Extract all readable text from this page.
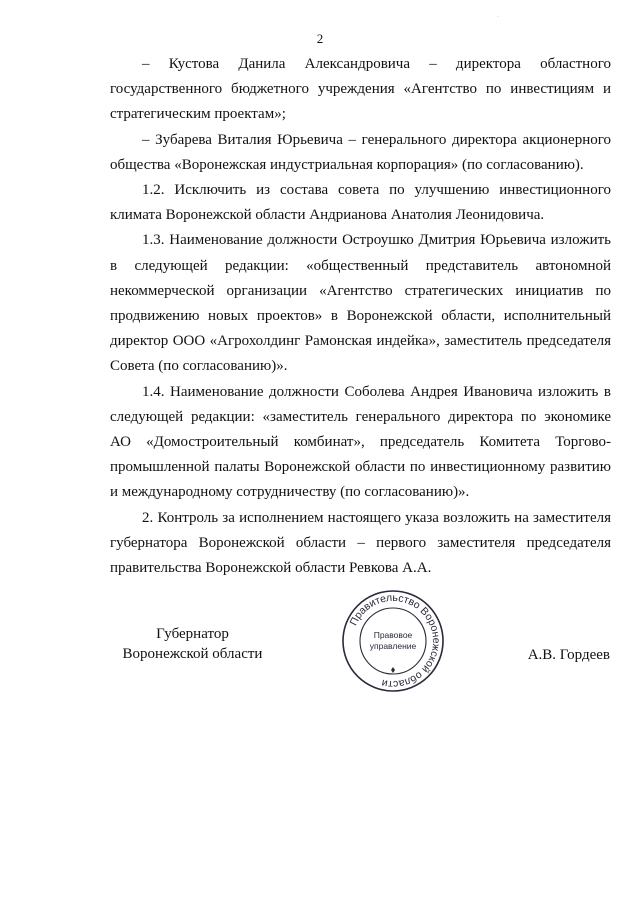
2
·

– Кустова Данила Александровича – директора областного государственного бюджетного учреждения «Агентство по инвестициям и стратегическим проектам»;

– Зубарева Виталия Юрьевича – генерального директора акционерного общества «Воронежская индустриальная корпорация» (по согласованию).

1.2. Исключить из состава совета по улучшению инвестиционного климата Воронежской области Андрианова Анатолия Леонидовича.

1.3. Наименование должности Остроушко Дмитрия Юрьевича изложить в следующей редакции: «общественный представитель автономной некоммерческой организации «Агентство стратегических инициатив по продвижению новых проектов» в Воронежской области, исполнительный директор ООО «Агрохолдинг Рамонская индейка», заместитель председателя Совета (по согласованию)».

1.4. Наименование должности Соболева Андрея Ивановича изложить в следующей редакции: «заместитель генерального директора по экономике АО «Домостроительный комбинат», председатель Комитета Торгово-промышленной палаты Воронежской области по инвестиционному развитию и международному сотрудничеству (по согласованию)».

2. Контроль за исполнением настоящего указа возложить на заместителя губернатора Воронежской области – первого заместителя председателя правительства Воронежской области Ревкова А.А.

Губернатор
Воронежской области
Правительство Воронежской области
Правовое
управление
А.В. Гордеев
